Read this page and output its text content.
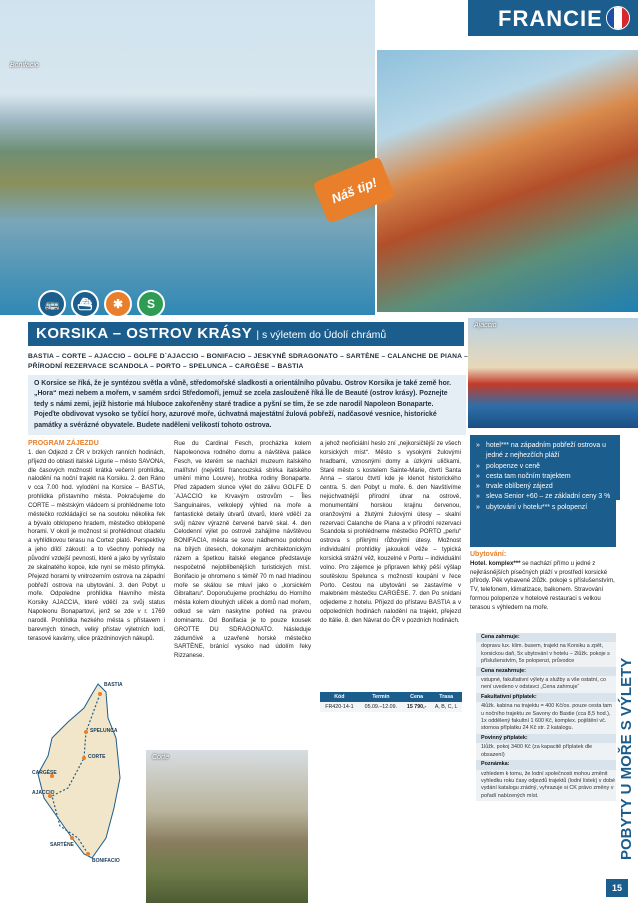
FRANCIE
Bonifacio
Ajaccio
Corte
Náš tip!
🚌	⛴	✱	S
KORSIKA – OSTROV KRÁSY | s výletem do Údolí chrámů
BASTIA – CORTE – AJACCIO – GOLFE D´AJACCIO – BONIFACIO – JESKYNĚ SDRAGONATO – SARTÈNE – CALANCHE DE PIANA – PŘÍRODNÍ REZERVACE SCANDOLA – PORTO – SPELUNCA – CARGÈSE – BASTIA
O Korsice se říká, že je syntézou světla a vůně, středomořské sladkosti a orientálního půvabu. Ostrov Korsika je také země hor. „Hora“ mezi nebem a mořem, v samém srdci Středomoří, jemuž se zcela zaslouženě říká Île de Beauté (ostrov krásy). Poznejte tedy s námi zemi, jejíž historie má hluboce zakořeněny staré tradice a pyšní se tím, že se zde narodil Napoleon Bonaparte. Pojeďte obdivovat vysoko se tyčící hory, azurové moře, úchvatná majestátní žulová pobřeží, nadčasové vesnice, historické památky a svérázné obyvatele. Budete naděleni velikostí tohoto ostrova.
PROGRAM ZÁJEZDU
1. den Odjezd z ČR v brzkých ranních hodinách, příjezd do oblasti italské Ligurie – město SAVONA, dle časových možností krátká večerní prohlídka, nalodění na noční trajekt na Korsiku. 2. den Ráno v cca 7.00 hod. vylodění na Korsice – BASTIA, prohlídka přístavního města. Pokračujeme do CORTE – městským vládcem si prohlédneme toto městečko rozkládající se na soutoku několika řek a bývalo obklopeno hradem, městečko obklopené horami. V okolí je možnost si prohlédnout citadelu a vyhlídkovou terasu na Cortez plató. Perspektivy a jeho dílčí zákoutí: a to všechny pohledy na původní vzdejší pevnosti, které a jako by vyrůstalo ze skalnatého kopce, kde nyní se město přimyká. Přejezd horami ty vnitrozemím ostrova na západní pobřeží ostrova na ubytování. 3. den Pobyt u moře. Odpoledne prohlídka hlavního města Korsiky AJACCIA, které vděčí za svůj status Napoleonu Bonapartovi, jenž se zde v r. 1769 narodil. Prohlídka hezkého města s přístavem i barevných tónech, velký přístav výletních lodí, terasové kavárny, ulice prázdninových nákupů.
Rue du Cardinal Fesch, procházka kolem Napoleonova rodného domu a návštěva paláce Fesch, ve kterém se nachází muzeum italského malířství (největší francouzská sbírka italského umění mimo Louvre), hrobka rodiny Bonaparte. Před západem slunce výlet do zálivu GOLFE D´AJACCIO ke Krvavým ostrovům – Îles Sanguinaires, velkolepý výhled na moře a fantastické detaily útvarů útvarů, které vděčí za svůj název výrazně červené barvě skal. 4. den Celodenní výlet po ostrově zahájíme návštěvou BONIFACIA, města se svou nádhernou polohou na bílých útesech, dokonalým architektonickým rázem a špetkou italské elegance představuje nespočetně nejoblíbenějších turistických míst. Bonifacio je ohromeno s téměř 70 m nad hladinou moře se skálou se mluví jako o „korsickém Gibraltaru“. Doporučujeme procházku do Horního města kolem dlouhých uliček a domů nad mořem, odkud se vám naskytne pohled na pravou dominantu. Od Bonifacia je to pouze kousek GROTTE DU SDRAGONATO. Následuje zádumčivé a uzavřené horské městečko SARTÈNE, bránící vysoko nad údolím řeky Rizzanese.
a jehož neoficiální heslo zní „nejkorsičtější ze všech korsických míst“. Město s vysokými žulovými hradbami, vznosnými domy a úzkými uličkami, Staré město s kostelem Sainte-Marie, čtvrtí Santa Anna – starou čtvrtí kde je klenot historického centra. 5. den Pobyt u moře. 6. den Navštívíme nejúchvatnější přírodní útvar na ostrově, monumentální horskou krajinu červenou, oranžovými a žlutými žulovými útesy – skalní rezervaci Calanche de Piana a v přírodní rezervaci Scandola si prohlédneme městečko PORTO „perlu“ ostrova s příkrými růžovými útesy. Možnost individuální prohlídky jakoukoli věže – typická korsická strážní věž, kouzelné v Portu – individuální volno. Pro zájemce je připraven lehký pěší výšlap soutěskou Spelunca s možností koupání v řece Porto. Cestou na ubytování se zastavíme v malebném městečku CARGÈSE. 7. den Po snídani odjedeme z hotelu. Příjezd do přístavu BASTIA a v odpoledních hodinách nalodění na trajekt, přejezd do Itálie. 8. den Návrat do ČR v pozdních hodinách.
BASTIA
SPELUNCA
CORTE
CARGÈSE
AJACCIO
SARTÈNE
BONIFACIO
Kód	Termín	Cena	Trasa
FR420-14-1	05.09.–12.09.	15 790,-	A, B, C, L
» hotel*** na západním pobřeží ostrova u jedné z nejhezčích pláží
» polopenze v ceně
» cesta tam nočním trajektem
» trvale oblíbený zájezd
» sleva Senior +60 – ze základní ceny 3 %
» ubytování v hotelu*** s polopenzí
Ubytování:
Hotel. komplex*** se nachází přímo u jedné z nejkrásnějších písečných pláží v prostředí korsické přírody. Pěk vybavené 2lůžk. pokoje s příslušenstvím, TV, telefonem, klimatizace, balkonem. Stravování formou polopenze v hotelové restauraci s velkou terasou s výhledem na moře.
Cena zahrnuje:
dopravu lux. klim. busem, trajekt na Korsiku a zpět, korsickou daň, 5x ubytování v hotelu – 2lůžk. pokoje s příslušenstvím, 5x polopenzi, průvodce
Cena nezahrnuje:
vstupné, fakultativní výlety a služby a vše ostatní, co není uvedeno v odstavci „Cena zahrnuje“
Fakultativní příplatek:
4lůžk. kabina na trajektu = 400 Kč/os. pouze cesta tam u nočního trajektu ze Savony do Bastie (cca 8,5 hod.), 1x oddělený fakultní 1 600 Kč, komplex. pojištění vč. stornoa příplatku 24 Kč str. 2 katalogu.
Povinný příplatek:
1lůžk. pokoj 3400 Kč (za kapacitě příplatek dle obsazení)
Poznámka:
vzhledem k tomu, že lodní společnosti mohou změnit vyhledku roku časy odjezdů trajektů (lodní lístek) v dobé vydání katalogu zrádný, vyhrazuje si CK právo změny v pořadí nabízených míst.	POBYTY U MOŘE S VÝLETY
15
